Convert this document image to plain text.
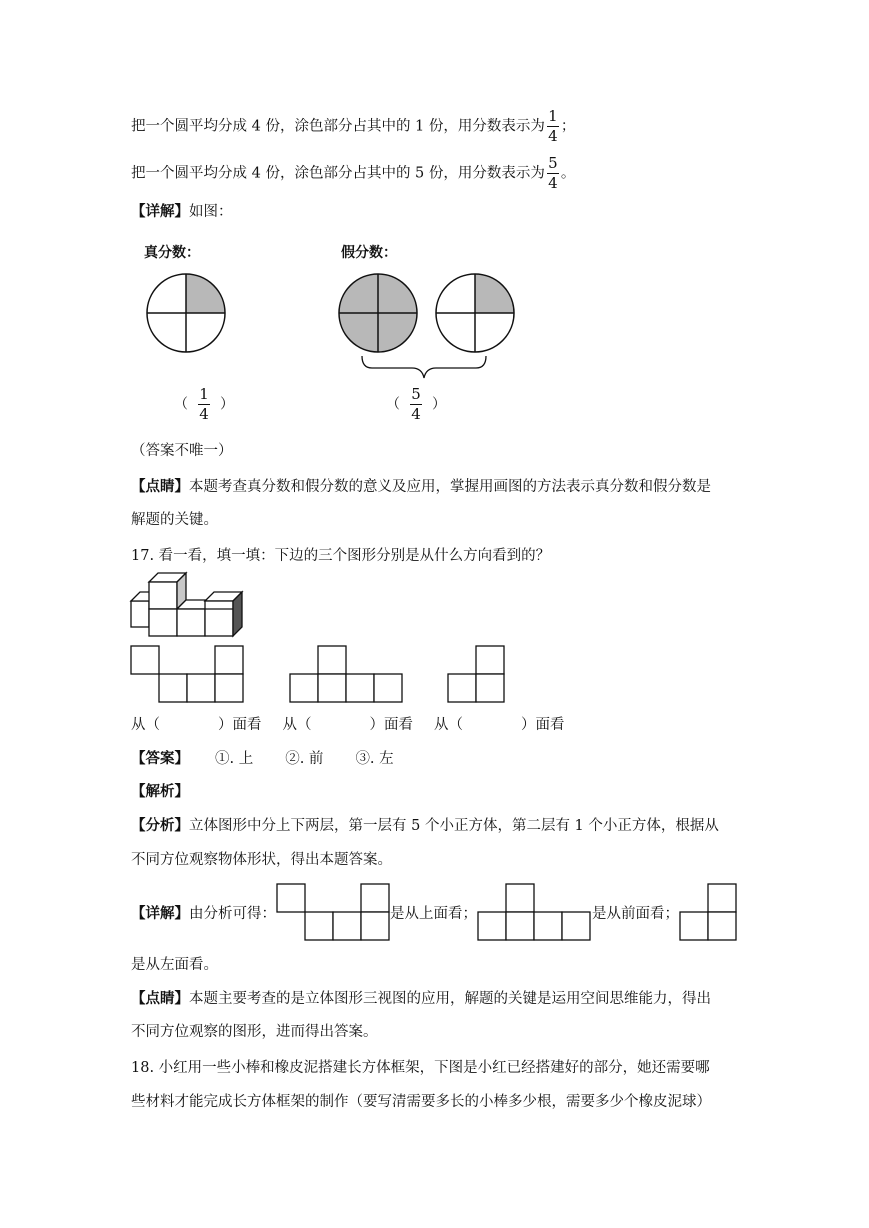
把一个圆平均分成 4 份，涂色部分占其中的 1 份，用分数表示为 $\frac{1}{4}$ ；
把一个圆平均分成 4 份，涂色部分占其中的 5 份，用分数表示为 $\frac{5}{4}$ 。
【详解】如图：
真分数：	假分数：
（ $\frac{1}{4}$ ）	（ $\frac{5}{4}$ ）
（答案不唯一）
【点睛】本题考查真分数和假分数的意义及应用，掌握用画图的方法表示真分数和假分数是
解题的关键。
17. 看一看，填一填：下边的三个图形分别是从什么方向看到的？
从（	）面看 从（	）面看 从（	）面看
【答案】 ①. 上 ②. 前 ③. 左
【解析】
【分析】立体图形中分上下两层，第一层有 5 个小正方体，第二层有 1 个小正方体，根据从
不同方位观察物体形状，得出本题答案。
【详解】由分析可得：	是从上面看；	是从前面看；
是从左面看。
【点睛】本题主要考查的是立体图形三视图的应用，解题的关键是运用空间思维能力，得出
不同方位观察的图形，进而得出答案。
18. 小红用一些小棒和橡皮泥搭建长方体框架，下图是小红已经搭建好的部分，她还需要哪
些材料才能完成长方体框架的制作（要写清需要多长的小棒多少根，需要多少个橡皮泥球）
